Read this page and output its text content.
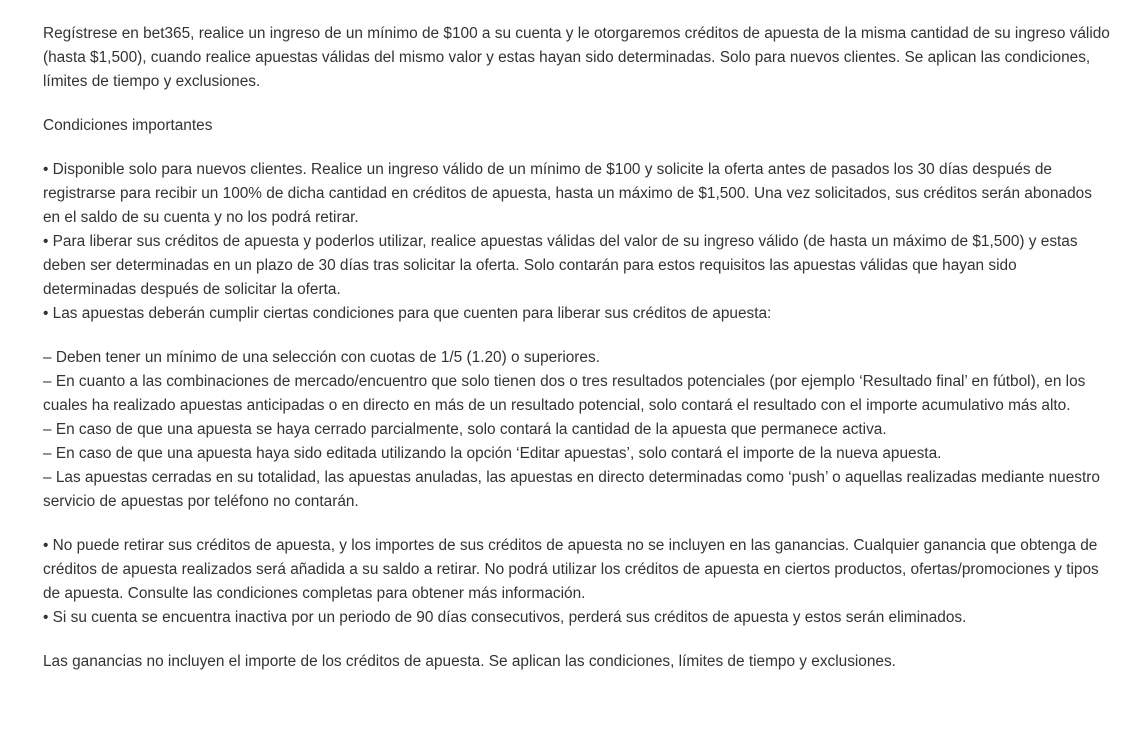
Regístrese en bet365, realice un ingreso de un mínimo de $100 a su cuenta y le otorgaremos créditos de apuesta de la misma cantidad de su ingreso válido (hasta $1,500), cuando realice apuestas válidas del mismo valor y estas hayan sido determinadas. Solo para nuevos clientes. Se aplican las condiciones, límites de tiempo y exclusiones.

Condiciones importantes

• Disponible solo para nuevos clientes. Realice un ingreso válido de un mínimo de $100 y solicite la oferta antes de pasados los 30 días después de registrarse para recibir un 100% de dicha cantidad en créditos de apuesta, hasta un máximo de $1,500. Una vez solicitados, sus créditos serán abonados en el saldo de su cuenta y no los podrá retirar.

• Para liberar sus créditos de apuesta y poderlos utilizar, realice apuestas válidas del valor de su ingreso válido (de hasta un máximo de $1,500) y estas deben ser determinadas en un plazo de 30 días tras solicitar la oferta. Solo contarán para estos requisitos las apuestas válidas que hayan sido determinadas después de solicitar la oferta.

• Las apuestas deberán cumplir ciertas condiciones para que cuenten para liberar sus créditos de apuesta:

– Deben tener un mínimo de una selección con cuotas de 1/5 (1.20) o superiores.

– En cuanto a las combinaciones de mercado/encuentro que solo tienen dos o tres resultados potenciales (por ejemplo ‘Resultado final’ en fútbol), en los cuales ha realizado apuestas anticipadas o en directo en más de un resultado potencial, solo contará el resultado con el importe acumulativo más alto.

– En caso de que una apuesta se haya cerrado parcialmente, solo contará la cantidad de la apuesta que permanece activa.

– En caso de que una apuesta haya sido editada utilizando la opción ‘Editar apuestas’, solo contará el importe de la nueva apuesta.

– Las apuestas cerradas en su totalidad, las apuestas anuladas, las apuestas en directo determinadas como ‘push’ o aquellas realizadas mediante nuestro servicio de apuestas por teléfono no contarán.

• No puede retirar sus créditos de apuesta, y los importes de sus créditos de apuesta no se incluyen en las ganancias. Cualquier ganancia que obtenga de créditos de apuesta realizados será añadida a su saldo a retirar. No podrá utilizar los créditos de apuesta en ciertos productos, ofertas/promociones y tipos de apuesta. Consulte las condiciones completas para obtener más información.

• Si su cuenta se encuentra inactiva por un periodo de 90 días consecutivos, perderá sus créditos de apuesta y estos serán eliminados.

Las ganancias no incluyen el importe de los créditos de apuesta. Se aplican las condiciones, límites de tiempo y exclusiones.
